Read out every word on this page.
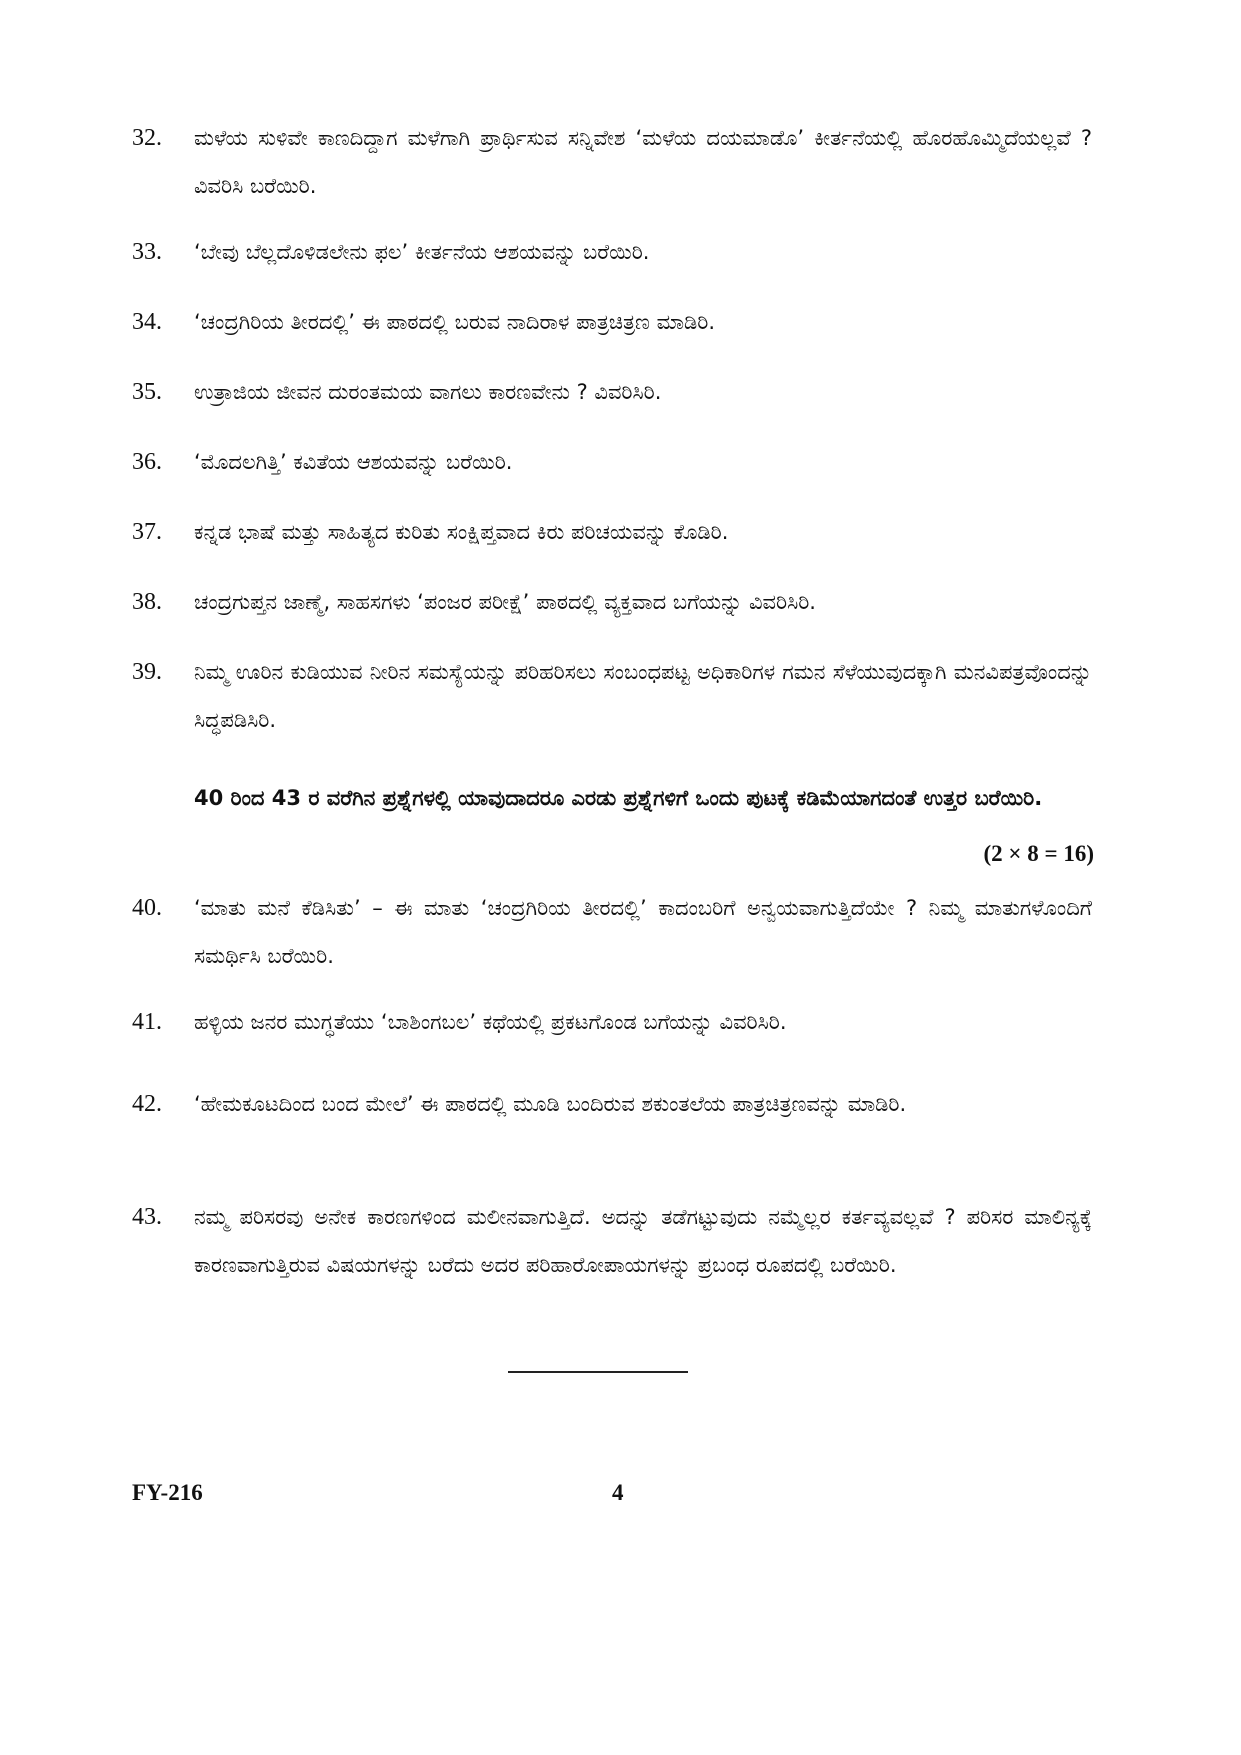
32.	ಮಳೆಯ ಸುಳಿವೇ ಕಾಣದಿದ್ದಾಗ ಮಳೆಗಾಗಿ ಪ್ರಾರ್ಥಿಸುವ ಸನ್ನಿವೇಶ ‘ಮಳೆಯ ದಯಮಾಡೊ’ ಕೀರ್ತನೆಯಲ್ಲಿ ಹೊರಹೊಮ್ಮಿದೆಯಲ್ಲವೆ ? ವಿವರಿಸಿ ಬರೆಯಿರಿ.
33.	‘ಬೇವು ಬೆಲ್ಲದೊಳಿಡಲೇನು ಫಲ’ ಕೀರ್ತನೆಯ ಆಶಯವನ್ನು ಬರೆಯಿರಿ.
34.	‘ಚಂದ್ರಗಿರಿಯ ತೀರದಲ್ಲಿ’ ಈ ಪಾಠದಲ್ಲಿ ಬರುವ ನಾದಿರಾಳ ಪಾತ್ರಚಿತ್ರಣ ಮಾಡಿರಿ.
35.	ಉತ್ರಾಜಿಯ ಜೀವನ ದುರಂತಮಯ ವಾಗಲು ಕಾರಣವೇನು ? ವಿವರಿಸಿರಿ.
36.	‘ಮೊದಲಗಿತ್ತಿ’ ಕವಿತೆಯ ಆಶಯವನ್ನು ಬರೆಯಿರಿ.
37.	ಕನ್ನಡ ಭಾಷೆ ಮತ್ತು ಸಾಹಿತ್ಯದ ಕುರಿತು ಸಂಕ್ಷಿಪ್ತವಾದ ಕಿರು ಪರಿಚಯವನ್ನು ಕೊಡಿರಿ.
38.	ಚಂದ್ರಗುಪ್ತನ ಜಾಣ್ಮೆ, ಸಾಹಸಗಳು ‘ಪಂಜರ ಪರೀಕ್ಷೆ’ ಪಾಠದಲ್ಲಿ ವ್ಯಕ್ತವಾದ ಬಗೆಯನ್ನು ವಿವರಿಸಿರಿ.
39.	ನಿಮ್ಮ ಊರಿನ ಕುಡಿಯುವ ನೀರಿನ ಸಮಸ್ಯೆಯನ್ನು ಪರಿಹರಿಸಲು ಸಂಬಂಧಪಟ್ಟ ಅಧಿಕಾರಿಗಳ ಗಮನ ಸೆಳೆಯುವುದಕ್ಕಾಗಿ ಮನವಿಪತ್ರವೊಂದನ್ನು ಸಿದ್ಧಪಡಿಸಿರಿ.
40 ರಿಂದ 43 ರ ವರೆಗಿನ ಪ್ರಶ್ನೆಗಳಲ್ಲಿ ಯಾವುದಾದರೂ ಎರಡು ಪ್ರಶ್ನೆಗಳಿಗೆ ಒಂದು ಪುಟಕ್ಕೆ ಕಡಿಮೆಯಾಗದಂತೆ ಉತ್ತರ ಬರೆಯಿರಿ.
(2 × 8 = 16)
40.	‘ಮಾತು ಮನೆ ಕೆಡಿಸಿತು’ – ಈ ಮಾತು ‘ಚಂದ್ರಗಿರಿಯ ತೀರದಲ್ಲಿ’ ಕಾದಂಬರಿಗೆ ಅನ್ವಯವಾಗುತ್ತಿದೆಯೇ ? ನಿಮ್ಮ ಮಾತುಗಳೊಂದಿಗೆ ಸಮರ್ಥಿಸಿ ಬರೆಯಿರಿ.
41.	ಹಳ್ಳಿಯ ಜನರ ಮುಗ್ಧತೆಯು ‘ಬಾಶಿಂಗಬಲ’ ಕಥೆಯಲ್ಲಿ ಪ್ರಕಟಗೊಂಡ ಬಗೆಯನ್ನು ವಿವರಿಸಿರಿ.
42.	‘ಹೇಮಕೂಟದಿಂದ ಬಂದ ಮೇಲೆ’ ಈ ಪಾಠದಲ್ಲಿ ಮೂಡಿ ಬಂದಿರುವ ಶಕುಂತಲೆಯ ಪಾತ್ರಚಿತ್ರಣವನ್ನು ಮಾಡಿರಿ.
43.	ನಮ್ಮ ಪರಿಸರವು ಅನೇಕ ಕಾರಣಗಳಿಂದ ಮಲೀನವಾಗುತ್ತಿದೆ. ಅದನ್ನು ತಡೆಗಟ್ಟುವುದು ನಮ್ಮೆಲ್ಲರ ಕರ್ತವ್ಯವಲ್ಲವೆ ? ಪರಿಸರ ಮಾಲಿನ್ಯಕ್ಕೆ ಕಾರಣವಾಗುತ್ತಿರುವ ವಿಷಯಗಳನ್ನು ಬರೆದು ಅದರ ಪರಿಹಾರೋಪಾಯಗಳನ್ನು ಪ್ರಬಂಧ ರೂಪದಲ್ಲಿ ಬರೆಯಿರಿ.
FY-216	4
